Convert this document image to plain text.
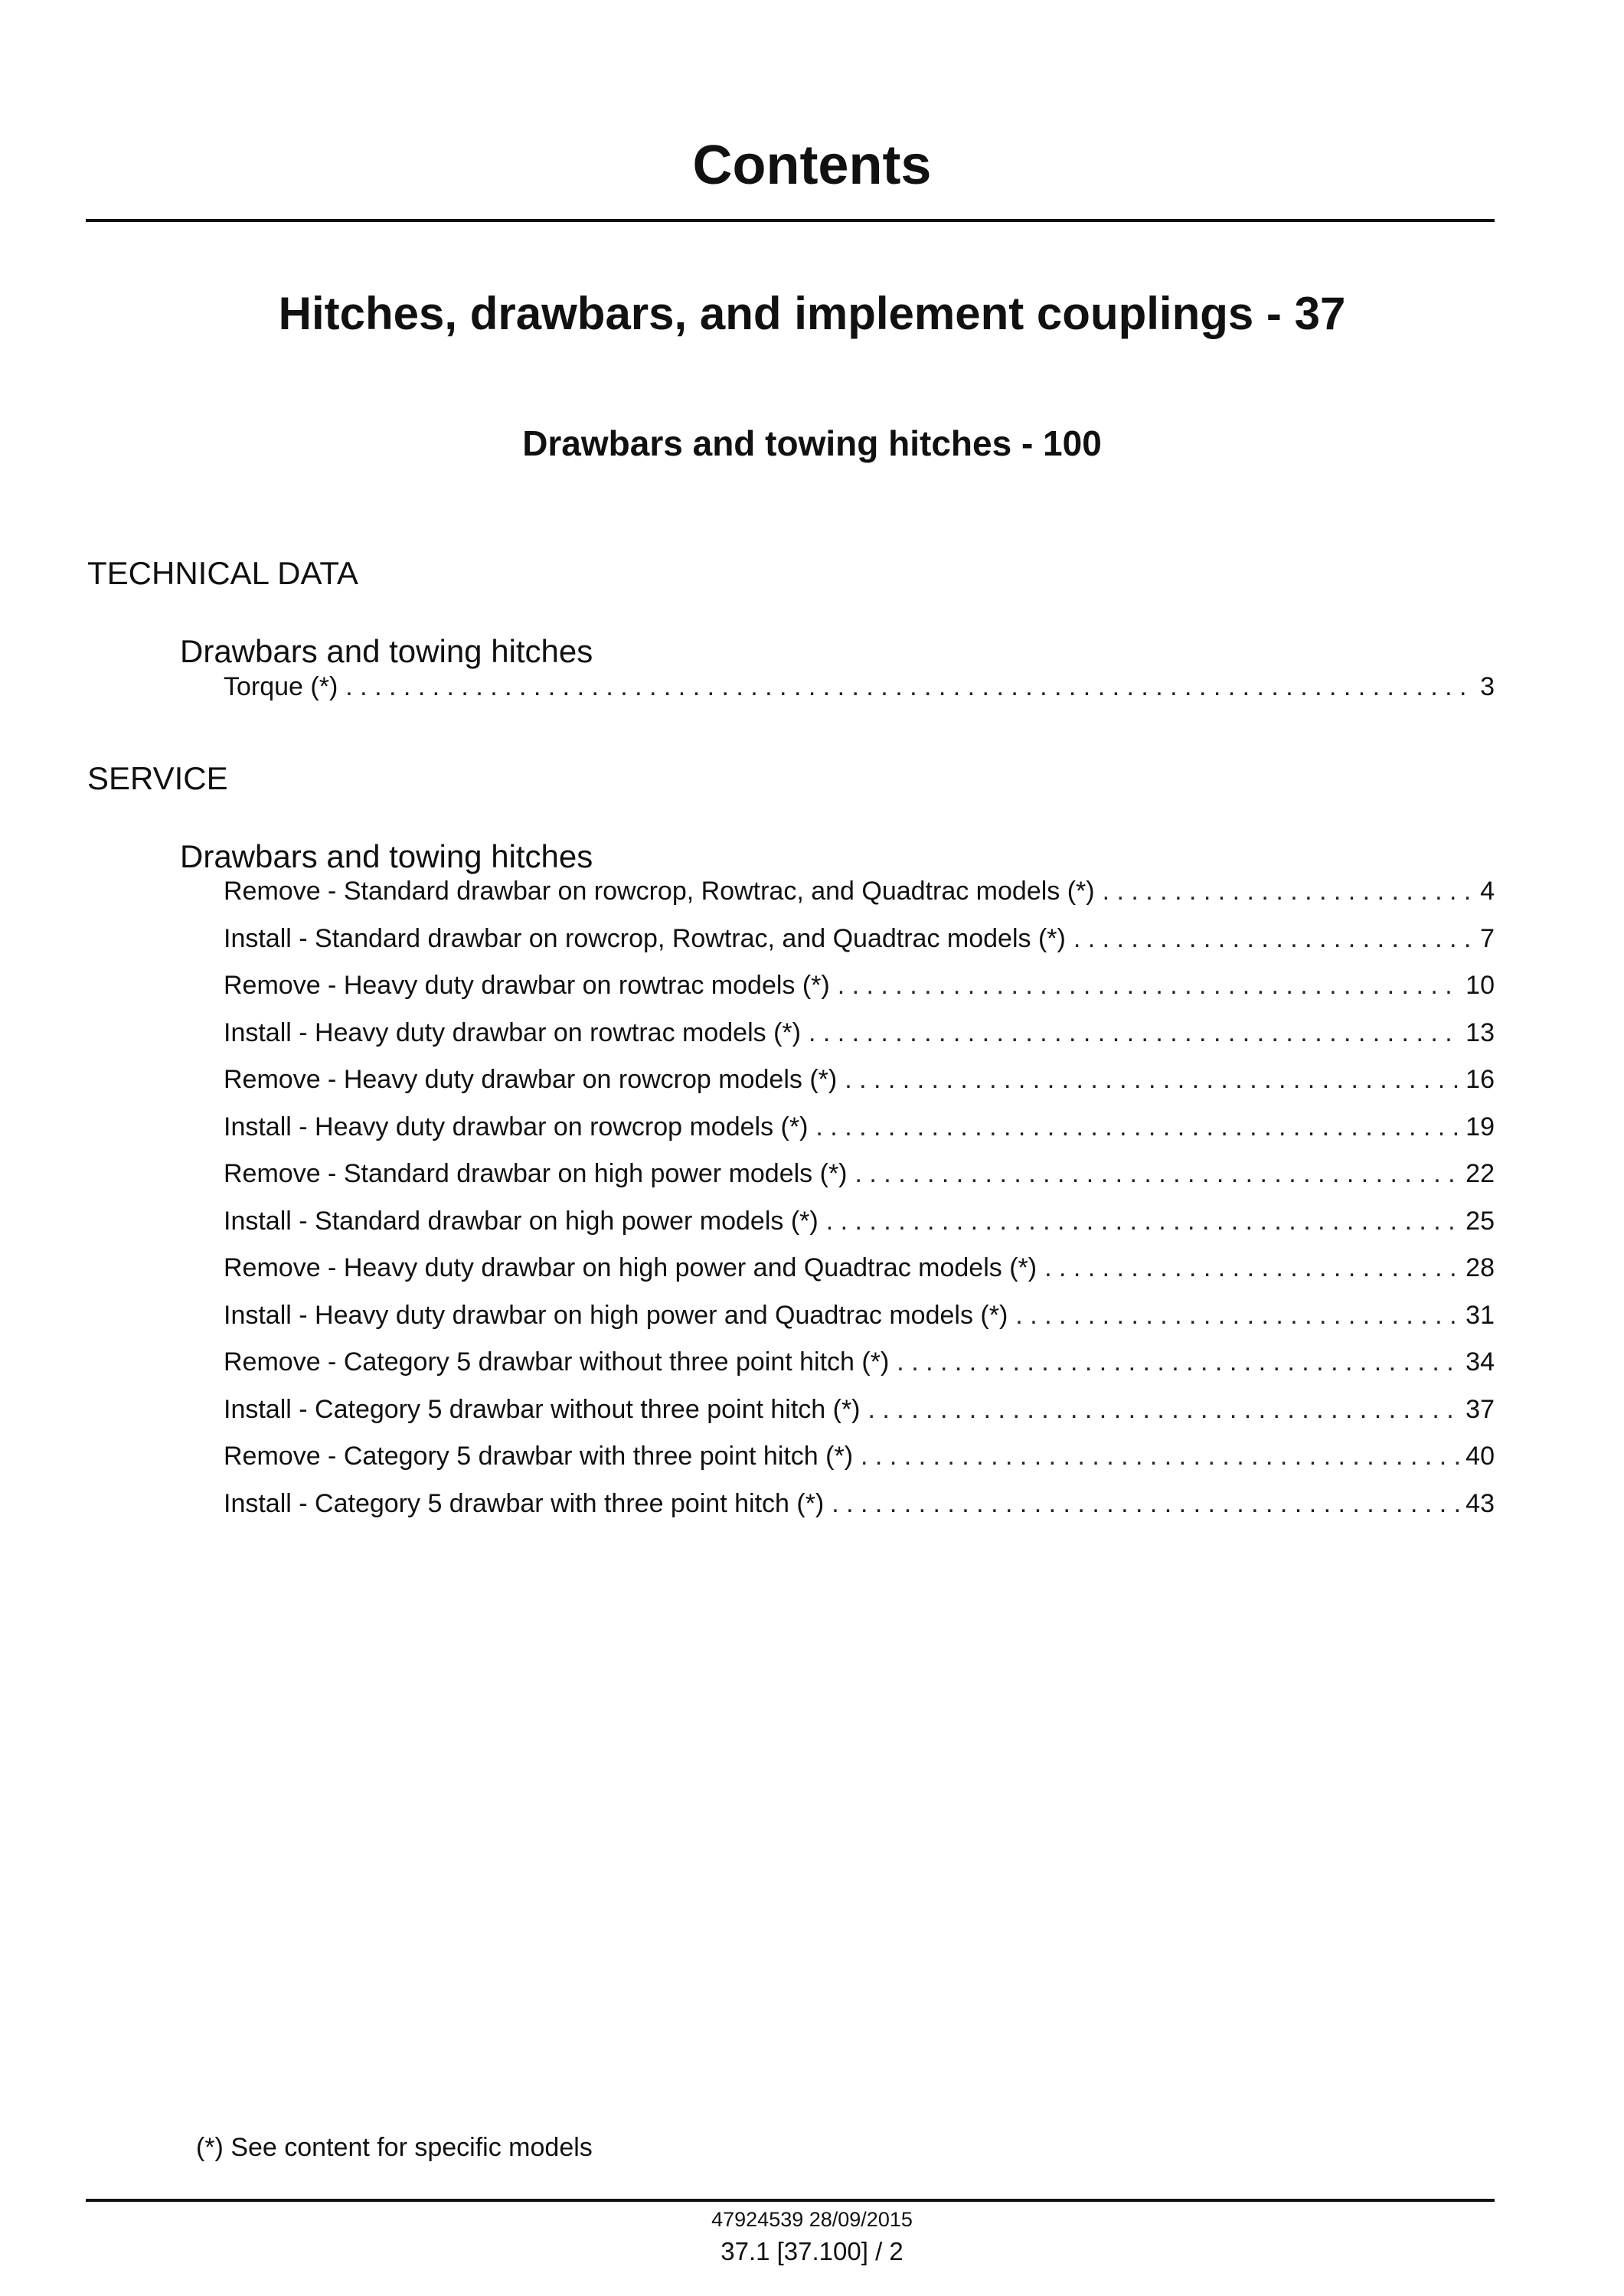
Contents
Hitches, drawbars, and implement couplings - 37
Drawbars and towing hitches - 100
TECHNICAL DATA
Drawbars and towing hitches
Torque (*) . . .	3
SERVICE
Drawbars and towing hitches
Remove - Standard drawbar on rowcrop, Rowtrac, and Quadtrac models (*) . . .	4
Install - Standard drawbar on rowcrop, Rowtrac, and Quadtrac models (*) . . .	7
Remove - Heavy duty drawbar on rowtrac models (*) . . .	10
Install - Heavy duty drawbar on rowtrac models (*) . . .	13
Remove - Heavy duty drawbar on rowcrop models (*) . . .	16
Install - Heavy duty drawbar on rowcrop models (*) . . .	19
Remove - Standard drawbar on high power models (*) . . .	22
Install - Standard drawbar on high power models (*) . . .	25
Remove - Heavy duty drawbar on high power and Quadtrac models (*) . . .	28
Install - Heavy duty drawbar on high power and Quadtrac models (*) . . .	31
Remove - Category 5 drawbar without three point hitch (*) . . .	34
Install - Category 5 drawbar without three point hitch (*) . . .	37
Remove - Category 5 drawbar with three point hitch (*) . . .	40
Install - Category 5 drawbar with three point hitch (*) . . .	43
(*) See content for specific models
47924539 28/09/2015
37.1 [37.100] / 2
